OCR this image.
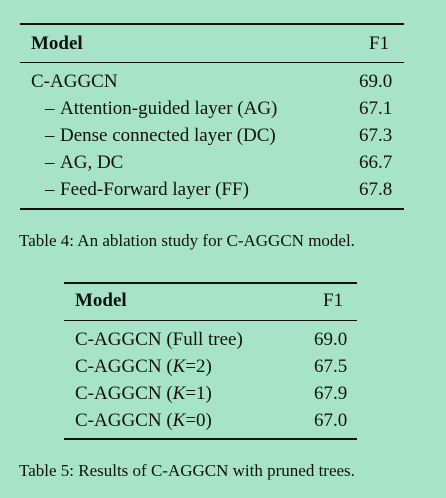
Model	F1
C-AGGCN	69.0
– Attention-guided layer (AG)	67.1
– Dense connected layer (DC)	67.3
– AG, DC	66.7
– Feed-Forward layer (FF)	67.8
Table 4: An ablation study for C-AGGCN model.
Model	F1
C-AGGCN (Full tree)	69.0
C-AGGCN (K=2)	67.5
C-AGGCN (K=1)	67.9
C-AGGCN (K=0)	67.0
Table 5: Results of C-AGGCN with pruned trees.
